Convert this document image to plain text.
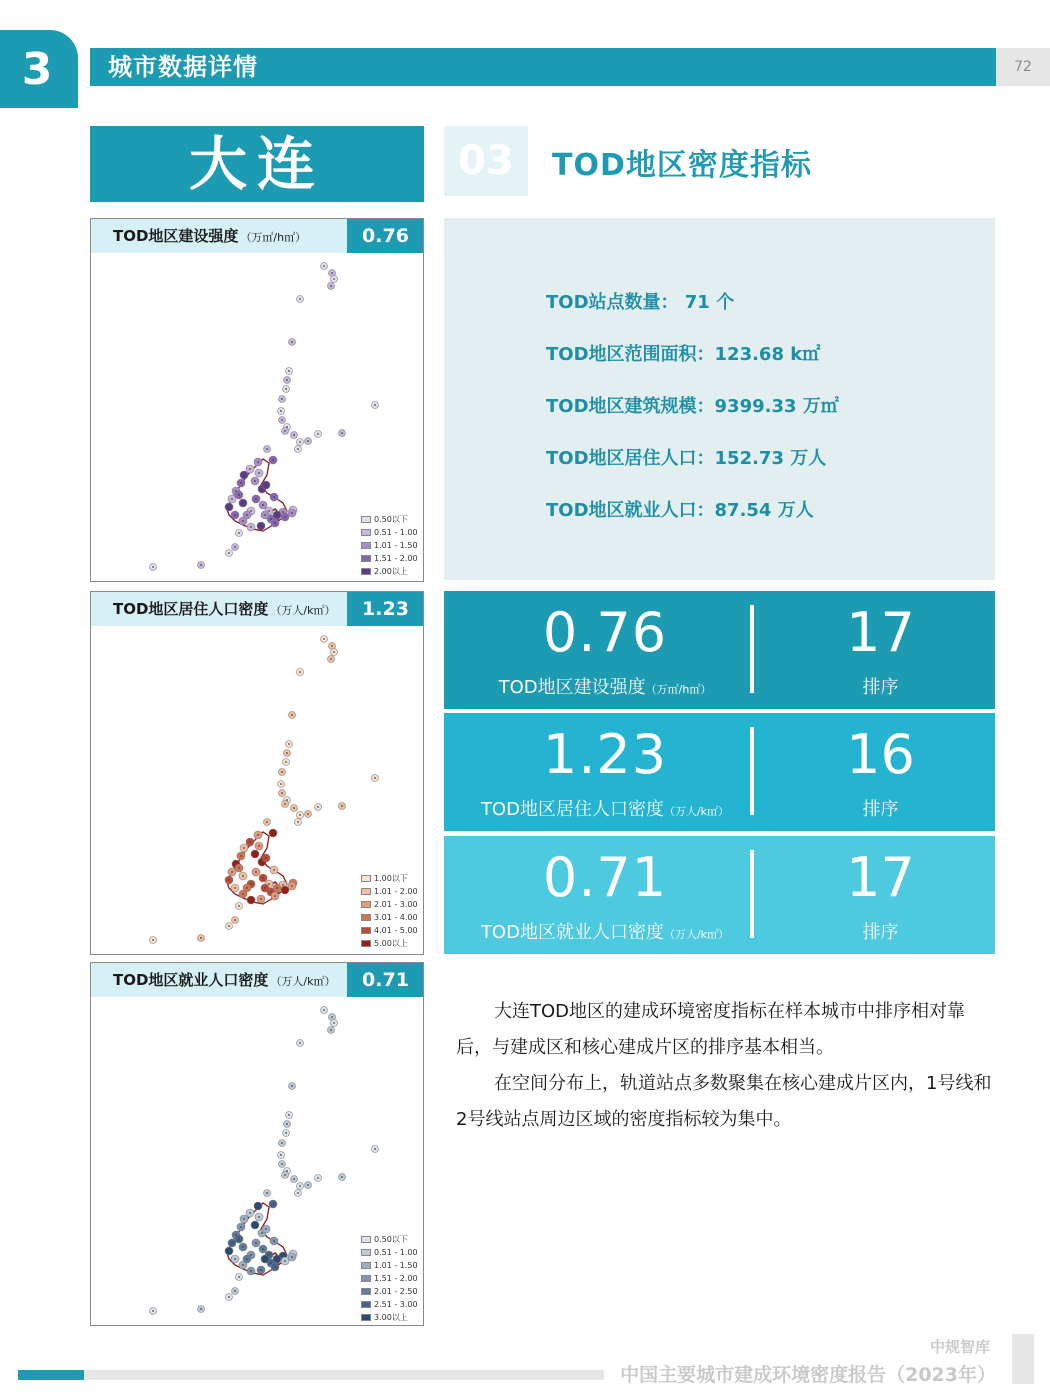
3	城市数据详情	72
大连	03	TOD地区密度指标
TOD地区建设强度 （万㎡/h㎡）	0.76
0.50以下
0.51 - 1.00
1.01 - 1.50
1.51 - 2.00
2.00以上
TOD地区居住人口密度 （万人/k㎡）	1.23
1.00以下
1.01 - 2.00
2.01 - 3.00
3.01 - 4.00
4.01 - 5.00
5.00以上
TOD地区就业人口密度 （万人/k㎡）	0.71
0.50以下
0.51 - 1.00
1.01 - 1.50
1.51 - 2.00
2.01 - 2.50
2.51 - 3.00
3.00以上
TOD站点数量： 71 个
TOD地区范围面积：123.68 k㎡
TOD地区建筑规模：9399.33 万㎡
TOD地区居住人口：152.73 万人
TOD地区就业人口：87.54 万人
0.76
TOD地区建设强度（万㎡/h㎡）
17
排序
1.23
TOD地区居住人口密度（万人/k㎡）
16
排序
0.71
TOD地区就业人口密度（万人/k㎡）
17
排序

大连TOD地区的建成环境密度指标在样本城市中排序相对靠后，与建成区和核心建成片区的排序基本相当。

在空间分布上，轨道站点多数聚集在核心建成片区内，1号线和2号线站点周边区域的密度指标较为集中。

中规智库
中国主要城市建成环境密度报告（2023年）
